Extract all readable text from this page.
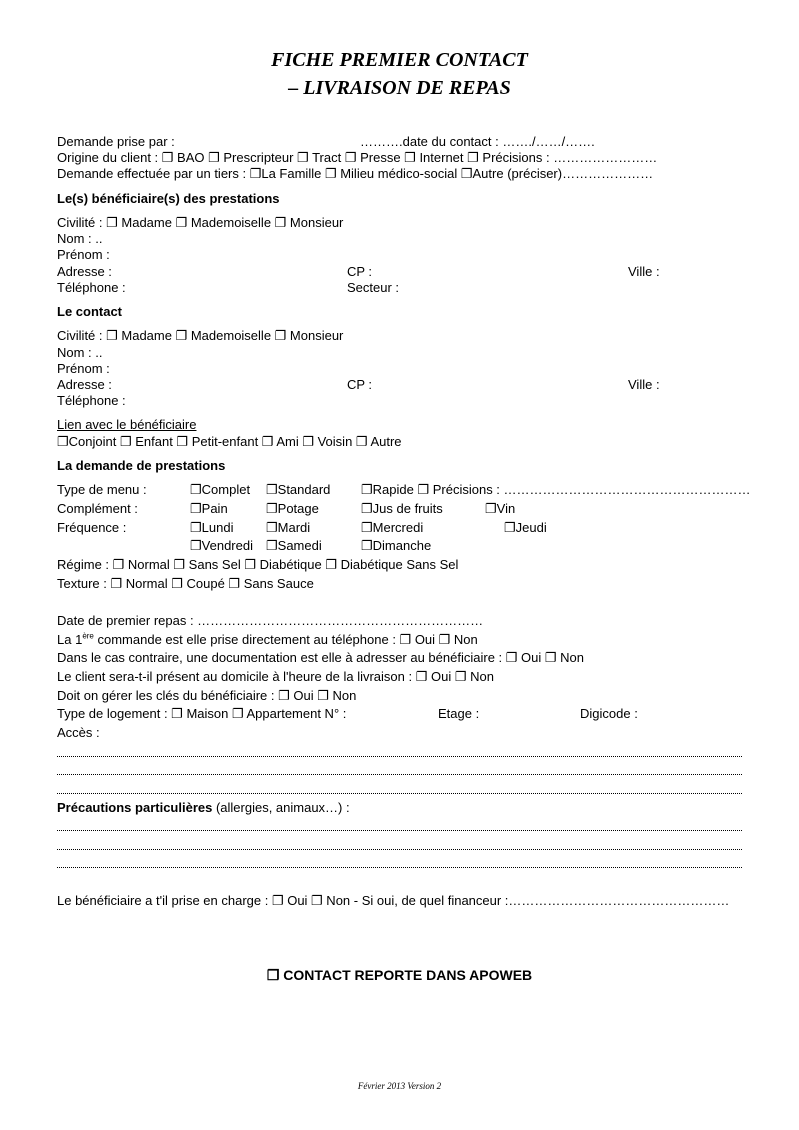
FICHE PREMIER CONTACT
– LIVRAISON DE REPAS
Demande prise par :	……….date du contact : ……./……/…….
Origine du client : ❐ BAO ❐ Prescripteur ❐ Tract ❐ Presse ❐ Internet ❐ Précisions : ……………………
Demande effectuée par un tiers : ❐La Famille ❐ Milieu médico-social ❐Autre (préciser)…………………
Le(s) bénéficiaire(s) des prestations
Civilité : ❐ Madame ❐ Mademoiselle ❐ Monsieur
Nom : ..
Prénom :
Adresse :	CP :	Ville :
Téléphone :	Secteur :
Le contact
Civilité : ❐ Madame ❐ Mademoiselle ❐ Monsieur
Nom : ..
Prénom :
Adresse :	CP :	Ville :
Téléphone :
Lien avec le bénéficiaire
❐Conjoint ❐ Enfant ❐ Petit-enfant ❐ Ami ❐ Voisin ❐ Autre
La demande de prestations
Type de menu :	❐Complet ❐Standard ❐Rapide ❐ Précisions : …………………………………………………
Complément :	❐Pain	❐Potage	❐Jus de fruits	❐Vin
Fréquence :	❐Lundi	❐Mardi	❐Mercredi	❐Jeudi
❐Vendredi ❐Samedi	❐Dimanche
Régime : ❐ Normal ❐ Sans Sel ❐ Diabétique ❐ Diabétique Sans Sel
Texture : ❐ Normal ❐ Coupé ❐ Sans Sauce
Date de premier repas : …………………………………………………………
La 1ère commande est elle prise directement au téléphone : ❐ Oui ❐ Non
Dans le cas contraire, une documentation est elle à adresser au bénéficiaire : ❐ Oui ❐ Non
Le client sera-t-il présent au domicile à l'heure de la livraison : ❐ Oui ❐ Non
Doit on gérer les clés du bénéficiaire : ❐ Oui ❐ Non
Type de logement : ❐ Maison ❐ Appartement N° :	Etage :	Digicode :
Accès :
Précautions particulières (allergies, animaux…) :
Le bénéficiaire a t'il prise en charge : ❐ Oui ❐ Non - Si oui, de quel financeur :……………………………………………
❐ CONTACT REPORTE DANS APOWEB
Février 2013 Version 2
